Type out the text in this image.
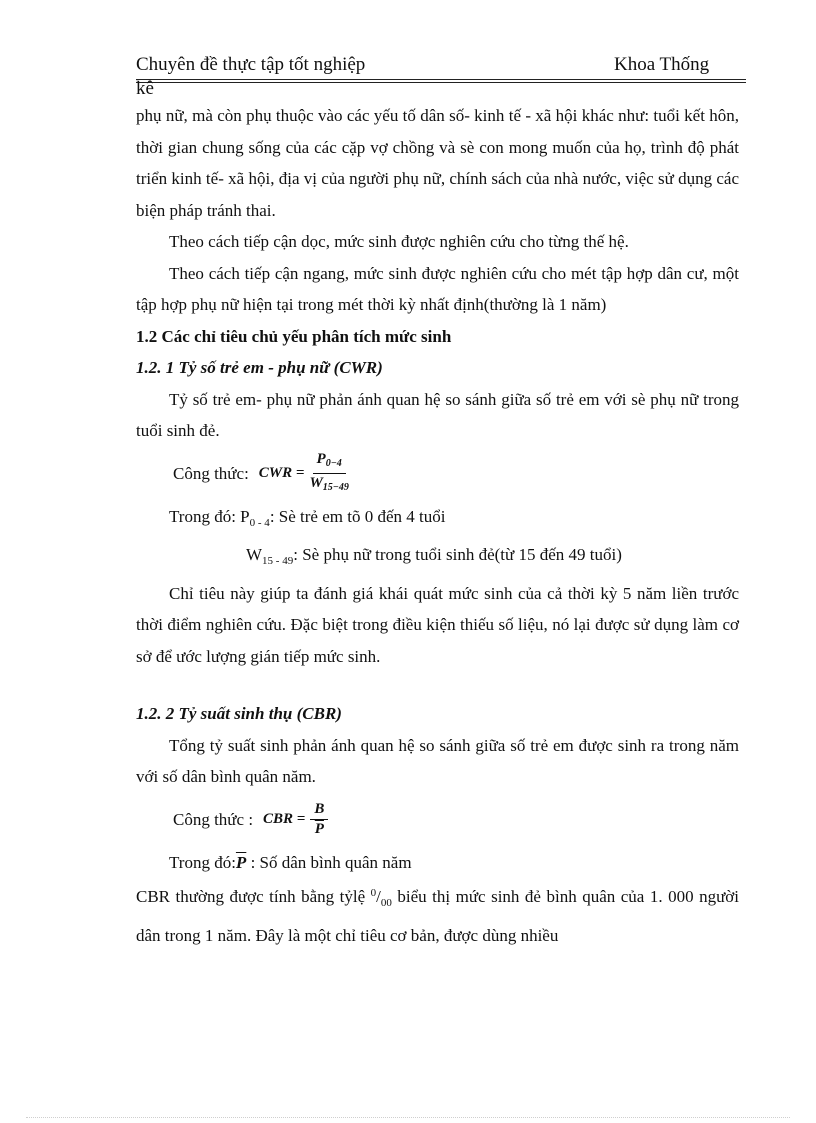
Chuyên đề thực tập tốt nghiệp	Khoa Thống
kê

phụ nữ, mà còn phụ thuộc vào các yếu tố dân số- kinh tế - xã hội khác như: tuổi kết hôn, thời gian chung sống của các cặp vợ chồng và sè con mong muốn của họ, trình độ phát triển kinh tế- xã hội, địa vị của người phụ nữ, chính sách của nhà nước, việc sử dụng các biện pháp tránh thai.

Theo cách tiếp cận dọc, mức sinh được nghiên cứu cho từng thế hệ.

Theo cách tiếp cận ngang, mức sinh được nghiên cứu cho mét tập hợp dân cư, một tập hợp phụ nữ hiện tại trong mét thời kỳ nhất định(thường là 1 năm)

1.2 Các chỉ tiêu chủ yếu phân tích mức sinh

1.2. 1 Tỷ số trẻ em - phụ nữ (CWR)

Tỷ số trẻ em- phụ nữ phản ánh quan hệ so sánh giữa số trẻ em với sè phụ nữ trong tuổi sinh đẻ.

Công thức: CWR = $\frac{P_{0-4}}{W_{15-49}}$

Trong đó: $P_{0 - 4}$: Sè trẻ em tõ 0 đến 4 tuổi

$W_{15 - 49}$: Sè phụ nữ trong tuổi sinh đẻ(từ 15 đến 49 tuổi)

Chỉ tiêu này giúp ta đánh giá khái quát mức sinh của cả thời kỳ 5 năm liền trước thời điểm nghiên cứu. Đặc biệt trong điều kiện thiếu số liệu, nó lại được sử dụng làm cơ sở để ước lượng gián tiếp mức sinh.

1.2. 2 Tỷ suất sinh thụ (CBR)

Tổng tỷ suất sinh phản ánh quan hệ so sánh giữa số trẻ em được sinh ra trong năm với số dân bình quân năm.

Công thức : CBR = $\frac{B}{P}$

Trong $đó:\overline{P}$ : Số dân bình quân năm

CBR thường được tính bằng tỷlệ $^0/_{00}$ biểu thị mức sinh đẻ bình quân của 1. 000 người dân trong 1 năm. Đây là một chỉ tiêu cơ bản, được dùng nhiều
